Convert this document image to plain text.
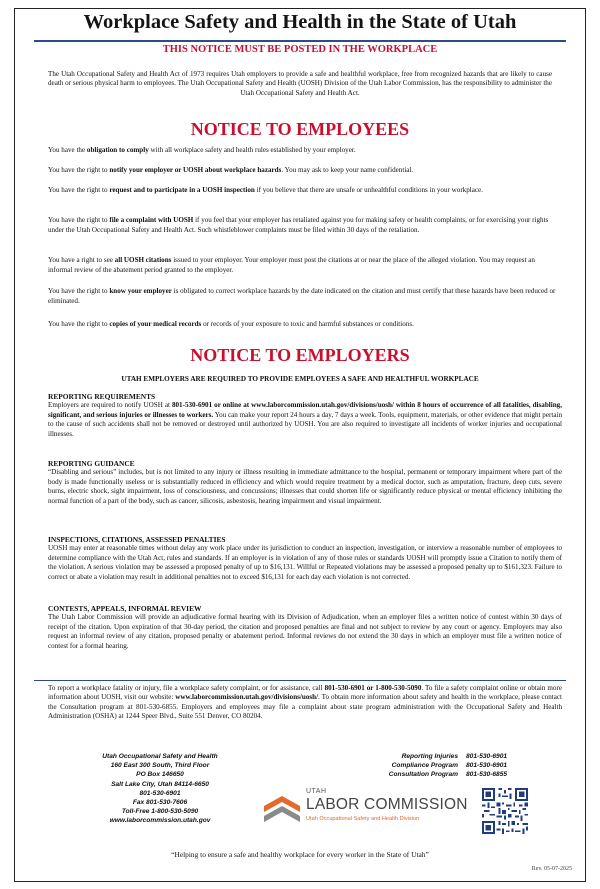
Workplace Safety and Health in the State of Utah
THIS NOTICE MUST BE POSTED IN THE WORKPLACE
The Utah Occupational Safety and Health Act of 1973 requires Utah employers to provide a safe and healthful workplace, free from recognized hazards that are likely to cause death or serious physical harm to employees. The Utah Occupational Safety and Health (UOSH) Division of the Utah Labor Commission, has the responsibility to administer the Utah Occupational Safety and Health Act.
NOTICE TO EMPLOYEES
You have the obligation to comply with all workplace safety and health rules established by your employer.
You have the right to notify your employer or UOSH about workplace hazards. You may ask to keep your name confidential.
You have the right to request and to participate in a UOSH inspection if you believe that there are unsafe or unhealthful conditions in your workplace.
You have the right to file a complaint with UOSH if you feel that your employer has retaliated against you for making safety or health complaints, or for exercising your rights under the Utah Occupational Safety and Health Act. Such whistleblower complaints must be filed within 30 days of the retaliation.
You have a right to see all UOSH citations issued to your employer. Your employer must post the citations at or near the place of the alleged violation. You may request an informal review of the abatement period granted to the employer.
You have the right to know your employer is obligated to correct workplace hazards by the date indicated on the citation and must certify that these hazards have been reduced or eliminated.
You have the right to copies of your medical records or records of your exposure to toxic and harmful substances or conditions.
NOTICE TO EMPLOYERS
UTAH EMPLOYERS ARE REQUIRED TO PROVIDE EMPLOYEES A SAFE AND HEALTHFUL WORKPLACE
REPORTING REQUIREMENTS
Employers are required to notify UOSH at 801-530-6901 or online at www.laborcommission.utah.gov/divisions/uosh/ within 8 hours of occurrence of all fatalities, disabling, significant, and serious injuries or illnesses to workers. You can make your report 24 hours a day, 7 days a week. Tools, equipment, materials, or other evidence that might pertain to the cause of such accidents shall not be removed or destroyed until authorized by UOSH. You are also required to investigate all incidents of worker injuries and occupational illnesses.
REPORTING GUIDANCE
“Disabling and serious” includes, but is not limited to any injury or illness resulting in immediate admittance to the hospital, permanent or temporary impairment where part of the body is made functionally useless or is substantially reduced in efficiency and which would require treatment by a medical doctor, such as amputation, fracture, deep cuts, severe burns, electric shock, sight impairment, loss of consciousness, and concussions; illnesses that could shorten life or significantly reduce physical or mental efficiency inhibiting the normal function of a part of the body, such as cancer, silicosis, asbestosis, hearing impairment and visual impairment.
INSPECTIONS, CITATIONS, ASSESSED PENALTIES
UOSH may enter at reasonable times without delay any work place under its jurisdiction to conduct an inspection, investigation, or interview a reasonable number of employees to determine compliance with the Utah Act, rules and standards. If an employer is in violation of any of those rules or standards UOSH will promptly issue a Citation to notify them of the violation. A serious violation may be assessed a proposed penalty of up to $16,131. Willful or Repeated violations may be assessed a proposed penalty up to $161,323. Failure to correct or abate a violation may result in additional penalties not to exceed $16,131 for each day each violation is not corrected.
CONTESTS, APPEALS, INFORMAL REVIEW
The Utah Labor Commission will provide an adjudicative formal hearing with its Division of Adjudication, when an employer files a written notice of contest within 30 days of receipt of the citation. Upon expiration of that 30-day period, the citation and proposed penalties are final and not subject to review by any court or agency. Employers may also request an informal review of any citation, proposed penalty or abatement period. Informal reviews do not extend the 30 days in which an employer must file a written notice of contest for a formal hearing.
To report a workplace fatality or injury, file a workplace safety complaint, or for assistance, call 801-530-6901 or 1-800-530-5090. To file a safety complaint online or obtain more information about UOSH, visit our website: www.laborcommission.utah.gov/divisions/uosh/. To obtain more information about safety and health in the workplace, please contact the Consultation program at 801-530-6855. Employers and employees may file a complaint about state program administration with the Occupational Safety and Health Administration (OSHA) at 1244 Speer Blvd., Suite 551 Denver, CO 80204.
Utah Occupational Safety and Health
160 East 300 South, Third Floor
PO Box 146650
Salt Lake City, Utah 84114-6650
801-530-6901
Fax 801-530-7606
Toll-Free 1-800-530-5090
www.laborcommission.utah.gov
Reporting Injuries 801-530-6901
Compliance Program 801-530-6901
Consultation Program 801-530-6855
UTAH
LABOR COMMISSION
Utah Occupational Safety and Health Division
“Helping to ensure a safe and healthy workplace for every worker in the State of Utah”
Rev. 05-07-2025
